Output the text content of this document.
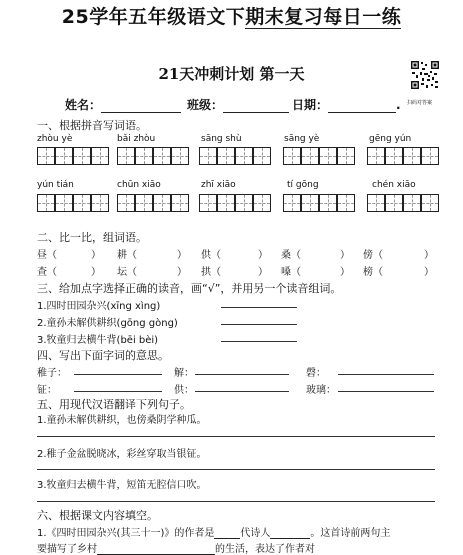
25学年五年级语文下期末复习每日一练
21天冲刺计划 第一天
扫码对答案
姓名：	班级：	日期：	.
一、根据拼音写词语。
zhòu yè	bǎi zhòu	sāng shù	sāng yè	gēng yún
yún tián	chūn xiāo	zhī xiāo	tí gōng	chén xiāo
二、比一比，组词语。
昼（	） 耕（	） 供（	） 桑（	） 傍（	）
查（	） 坛（	） 拱（	） 嗓（	） 榜（	）
三、给加点字选择正确的读音，画“√”，并用另一个读音组词。
1.四时田园杂兴(xīng xìng)
2.童孙未解供耕织(gōng gòng)
3.牧童归去横牛背(bēi bèi)
四、写出下面字词的意思。
稚子：	解：	磬：
钲：	供：	玻璃：
五、用现代汉语翻译下列句子。
1.童孙未解供耕织，也傍桑阴学种瓜。
2.稚子金盆脱晓冰，彩丝穿取当银钲。
3.牧童归去横牛背，短笛无腔信口吹。
六、根据课文内容填空。
1.《四时田园杂兴(其三十一)》的作者是	代诗人	。这首诗前两句主
要描写了乡村	的生活，表达了作者对
